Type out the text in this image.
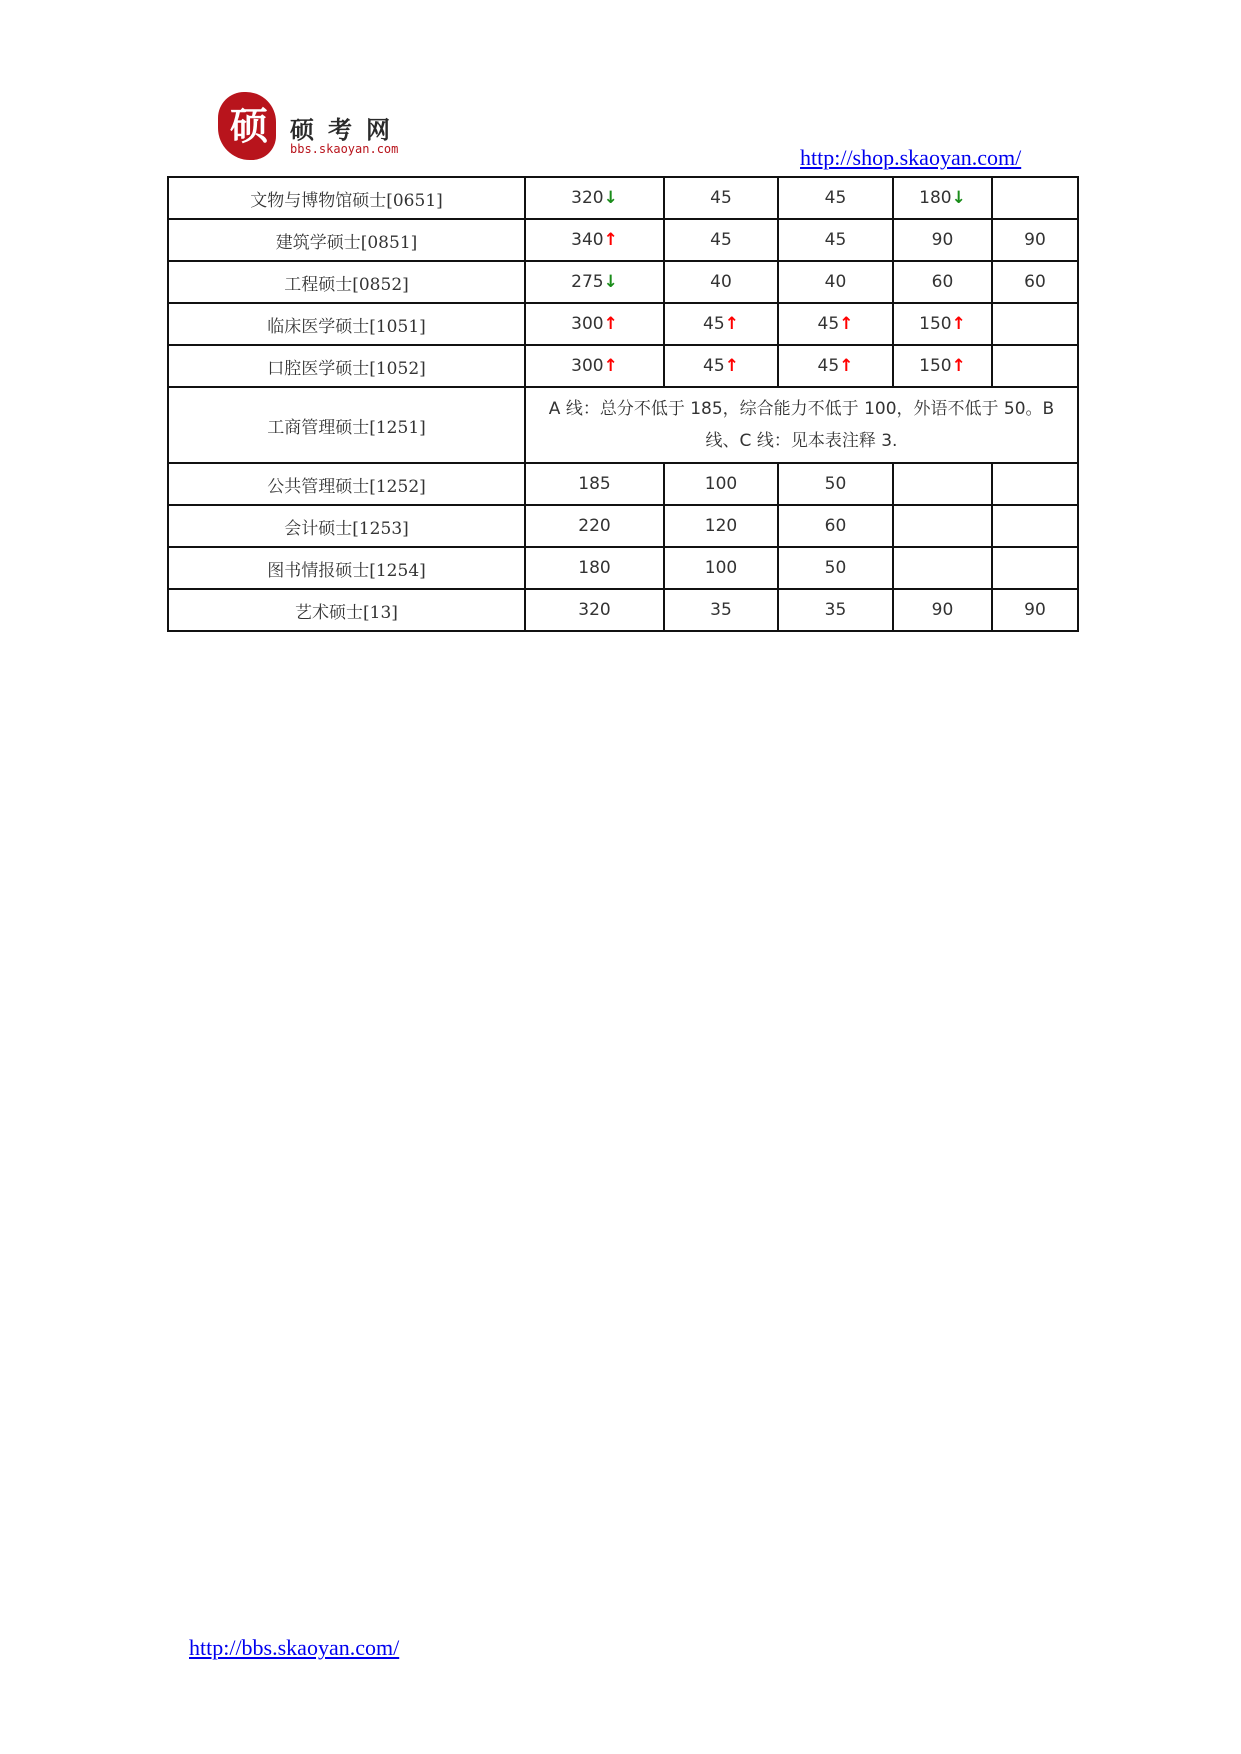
硕	硕考网
bbs.skaoyan.com	http://shop.skaoyan.com/
文物与博物馆硕士[0651]	320↓	45	45	180↓	
建筑学硕士[0851]	340↑	45	45	90	90
工程硕士[0852]	275↓	40	40	60	60
临床医学硕士[1051]	300↑	45↑	45↑	150↑	
口腔医学硕士[1052]	300↑	45↑	45↑	150↑	
工商管理硕士[1251]	A 线：总分不低于 185，综合能力不低于 100，外语不低于 50。B 线、C 线：见本表注释 3.				
公共管理硕士[1252]	185	100	50		
会计硕士[1253]	220	120	60		
图书情报硕士[1254]	180	100	50		
艺术硕士[13]	320	35	35	90	90
http://bbs.skaoyan.com/
